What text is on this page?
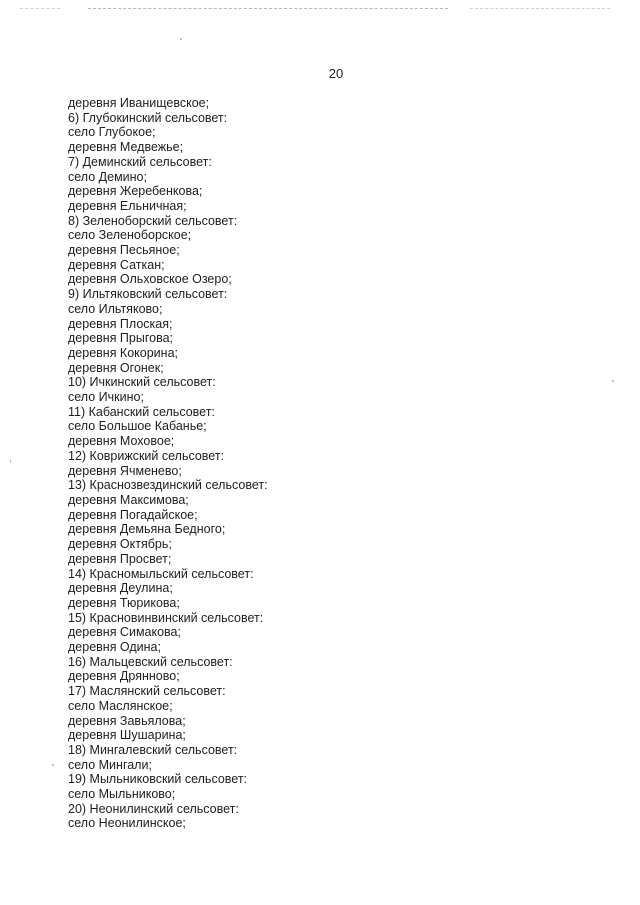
20
деревня Иванищевское;
6) Глубокинский сельсовет:
село Глубокое;
деревня Медвежье;
7) Деминский сельсовет:
село Демино;
деревня Жеребенкова;
деревня Ельничная;
8) Зеленоборский сельсовет:
село Зеленоборское;
деревня Песьяное;
деревня Саткан;
деревня Ольховское Озеро;
9) Ильтяковский сельсовет:
село Ильтяково;
деревня Плоская;
деревня Прыгова;
деревня Кокорина;
деревня Огонек;
10) Ичкинский сельсовет:
село Ичкино;
11) Кабанский сельсовет:
село Большое Кабанье;
деревня Моховое;
12) Коврижский сельсовет:
деревня Ячменево;
13) Краснозвездинский сельсовет:
деревня Максимова;
деревня Погадайское;
деревня Демьяна Бедного;
деревня Октябрь;
деревня Просвет;
14) Красномыльский сельсовет:
деревня Деулина;
деревня Тюрикова;
15) Красновинвинский сельсовет:
деревня Симакова;
деревня Одина;
16) Мальцевский сельсовет:
деревня Дрянново;
17) Маслянский сельсовет:
село Маслянское;
деревня Завьялова;
деревня Шушарина;
18) Мингалевский сельсовет:
село Мингали;
19) Мыльниковский сельсовет:
село Мыльниково;
20) Неонилинский сельсовет:
село Неонилинское;
